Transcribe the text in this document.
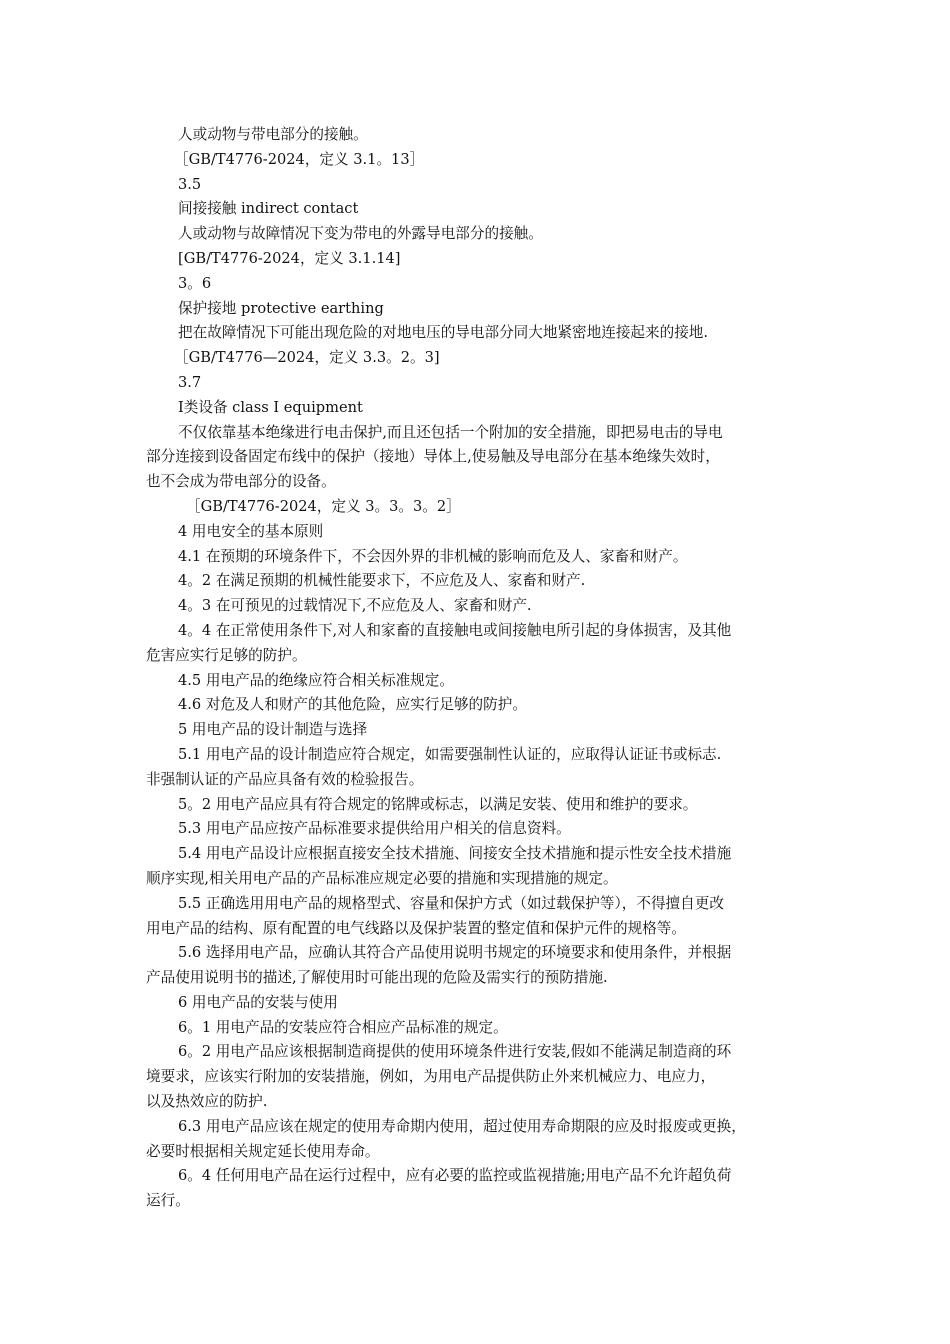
人或动物与带电部分的接触。
［GB/T4776-2024，定义 3.1。13］
3.5
间接接触 indirect contact
人或动物与故障情况下变为带电的外露导电部分的接触。
[GB/T4776-2024，定义 3.1.14]
3。6
保护接地 protective earthing
把在故障情况下可能出现危险的对地电压的导电部分同大地紧密地连接起来的接地.
［GB/T4776—2024，定义 3.3。2。3]
3.7
Ⅰ类设备 class Ⅰ equipment
不仅依靠基本绝缘进行电击保护,而且还包括一个附加的安全措施，即把易电击的导电
部分连接到设备固定布线中的保护（接地）导体上,使易触及导电部分在基本绝缘失效时，
也不会成为带电部分的设备。
［GB/T4776-2024，定义 3。3。3。2］
4 用电安全的基本原则
4.1 在预期的环境条件下，不会因外界的非机械的影响而危及人、家畜和财产。
4。2 在满足预期的机械性能要求下，不应危及人、家畜和财产.
4。3 在可预见的过载情况下,不应危及人、家畜和财产.
4。4 在正常使用条件下,对人和家畜的直接触电或间接触电所引起的身体损害，及其他
危害应实行足够的防护。
4.5 用电产品的绝缘应符合相关标准规定。
4.6 对危及人和财产的其他危险，应实行足够的防护。
5 用电产品的设计制造与选择
5.1 用电产品的设计制造应符合规定，如需要强制性认证的，应取得认证证书或标志.
非强制认证的产品应具备有效的检验报告。
5。2 用电产品应具有符合规定的铭牌或标志，以满足安装、使用和维护的要求。
5.3 用电产品应按产品标准要求提供给用户相关的信息资料。
5.4 用电产品设计应根据直接安全技术措施、间接安全技术措施和提示性安全技术措施
顺序实现,相关用电产品的产品标准应规定必要的措施和实现措施的规定。
5.5 正确选用用电产品的规格型式、容量和保护方式（如过载保护等），不得擅自更改
用电产品的结构、原有配置的电气线路以及保护装置的整定值和保护元件的规格等。
5.6 选择用电产品，应确认其符合产品使用说明书规定的环境要求和使用条件，并根据
产品使用说明书的描述,了解使用时可能出现的危险及需实行的预防措施.
6 用电产品的安装与使用
6。1 用电产品的安装应符合相应产品标准的规定。
6。2 用电产品应该根据制造商提供的使用环境条件进行安装,假如不能满足制造商的环
境要求，应该实行附加的安装措施，例如，为用电产品提供防止外来机械应力、电应力，
以及热效应的防护.
6.3 用电产品应该在规定的使用寿命期内使用，超过使用寿命期限的应及时报废或更换，
必要时根据相关规定延长使用寿命。
6。4 任何用电产品在运行过程中，应有必要的监控或监视措施;用电产品不允许超负荷
运行。
